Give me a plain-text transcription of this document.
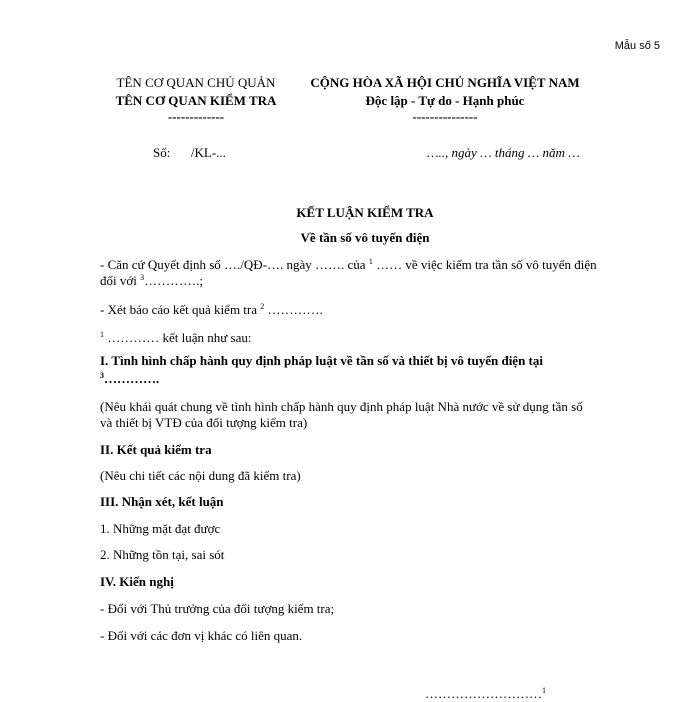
Mẫu số 5
TÊN CƠ QUAN CHỦ QUẢN
TÊN CƠ QUAN KIỂM TRA
-------------
CỘNG HÒA XÃ HỘI CHỦ NGHĨA VIỆT NAM
Độc lập - Tự do - Hạnh phúc
---------------
Số: /KL-...	….., ngày … tháng … năm …
KẾT LUẬN KIỂM TRA
Về tần số vô tuyến điện
- Căn cứ Quyết định số …./QĐ-…. ngày ……. của $^1$ …… về việc kiểm tra tần số vô tuyến điện
đối với $^3$………….;
- Xét báo cáo kết quả kiểm tra $^2$ ………….
$^1$ ………… kết luận như sau:
I. Tình hình chấp hành quy định pháp luật về tần số và thiết bị vô tuyến điện tại
$^3$………….
(Nêu khái quát chung về tình hình chấp hành quy định pháp luật Nhà nước về sử dụng tần số
và thiết bị VTĐ của đối tượng kiểm tra)
II. Kết quả kiểm tra
(Nêu chi tiết các nội dung đã kiểm tra)
III. Nhận xét, kết luận
1. Những mặt đạt được
2. Những tồn tại, sai sót
IV. Kiến nghị
- Đối với Thủ trưởng của đối tượng kiểm tra;
- Đối với các đơn vị khác có liên quan.
………………………$^1$
